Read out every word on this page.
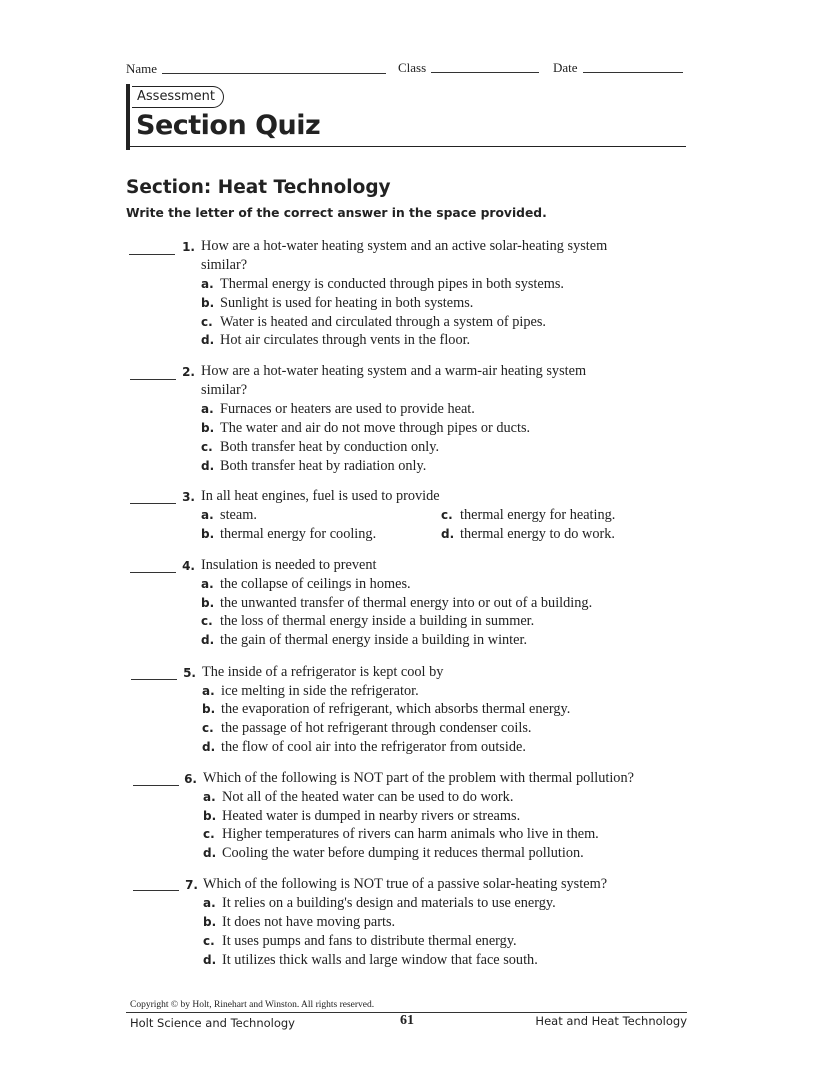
Name	Class	Date
Assessment
Section Quiz
Section: Heat Technology
Write the letter of the correct answer in the space provided.
1. How are a hot-water heating system and an active solar-heating system
similar?
a. Thermal energy is conducted through pipes in both systems.
b. Sunlight is used for heating in both systems.
c. Water is heated and circulated through a system of pipes.
d. Hot air circulates through vents in the floor.
2. How are a hot-water heating system and a warm-air heating system
similar?
a. Furnaces or heaters are used to provide heat.
b. The water and air do not move through pipes or ducts.
c. Both transfer heat by conduction only.
d. Both transfer heat by radiation only.
3. In all heat engines, fuel is used to provide
a. steam.
b. thermal energy for cooling.
c. thermal energy for heating.
d. thermal energy to do work.
4. Insulation is needed to prevent
a. the collapse of ceilings in homes.
b. the unwanted transfer of thermal energy into or out of a building.
c. the loss of thermal energy inside a building in summer.
d. the gain of thermal energy inside a building in winter.
5. The inside of a refrigerator is kept cool by
a. ice melting in side the refrigerator.
b. the evaporation of refrigerant, which absorbs thermal energy.
c. the passage of hot refrigerant through condenser coils.
d. the flow of cool air into the refrigerator from outside.
6. Which of the following is NOT part of the problem with thermal pollution?
a. Not all of the heated water can be used to do work.
b. Heated water is dumped in nearby rivers or streams.
c. Higher temperatures of rivers can harm animals who live in them.
d. Cooling the water before dumping it reduces thermal pollution.
7. Which of the following is NOT true of a passive solar-heating system?
a. It relies on a building's design and materials to use energy.
b. It does not have moving parts.
c. It uses pumps and fans to distribute thermal energy.
d. It utilizes thick walls and large window that face south.
Copyright © by Holt, Rinehart and Winston. All rights reserved.
Holt Science and Technology	61	Heat and Heat Technology
